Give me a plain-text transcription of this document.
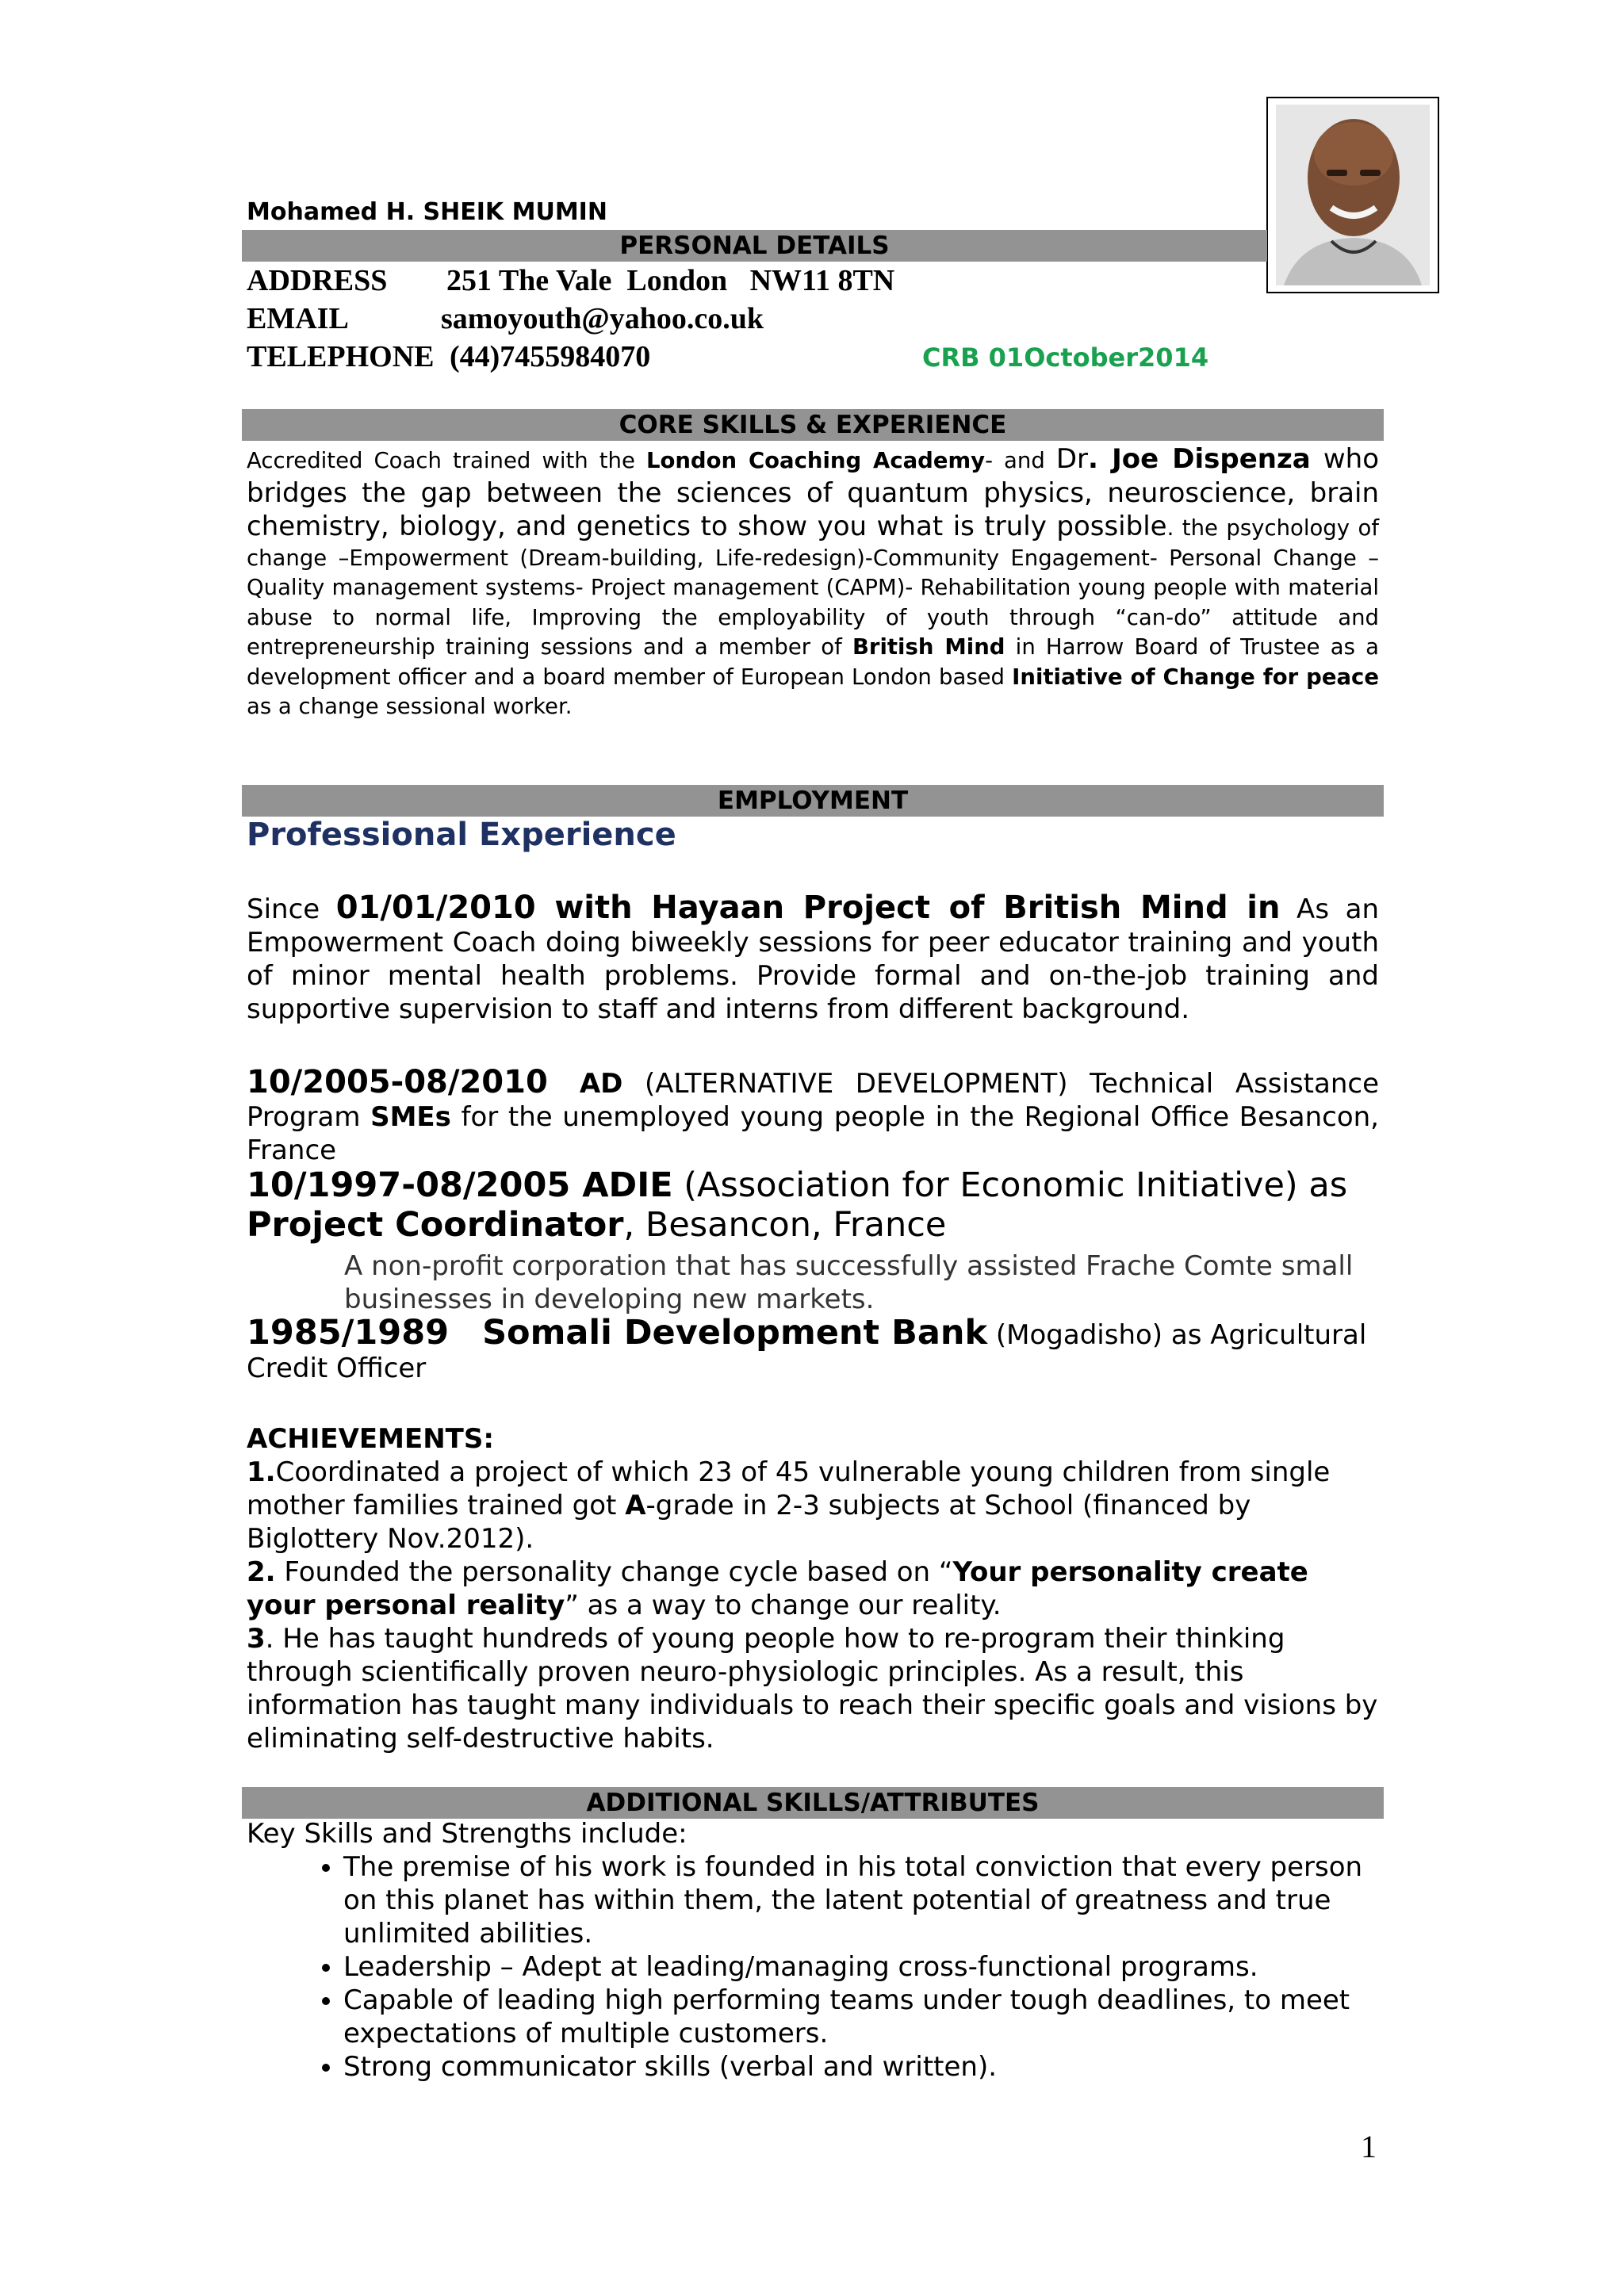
Mohamed H. SHEIK MUMIN
PERSONAL DETAILS
ADDRESS 251 The Vale  London   NW11 8TN
EMAIL	samoyouth@yahoo.co.uk
TELEPHONE (44)7455984070	CRB 01October2014
CORE SKILLS & EXPERIENCE
Accredited Coach trained with the London Coaching Academy- and Dr. Joe Dispenza who bridges the gap between the sciences of quantum physics, neuroscience, brain chemistry, biology, and genetics to show you what is truly possible. the psychology of change –Empowerment (Dream-building, Life-redesign)-Community Engagement- Personal Change – Quality management systems- Project management (CAPM)- Rehabilitation young people with material abuse to normal life, Improving the employability of youth through “can-do” attitude and entrepreneurship training sessions and a member of British Mind in Harrow Board of Trustee as a development officer and a board member of European London based Initiative of Change for peace as a change sessional worker.
EMPLOYMENT
Professional Experience
Since 01/01/2010 with Hayaan Project of British Mind in As an Empowerment Coach doing biweekly sessions for peer educator training and youth of minor mental health problems. Provide formal and on-the-job training and supportive supervision to staff and interns from different background.
10/2005-08/2010 AD (ALTERNATIVE DEVELOPMENT) Technical Assistance Program SMEs for the unemployed young people in the Regional Office Besancon, France
10/1997-08/2005 ADIE (Association for Economic Initiative) as
Project Coordinator, Besancon, France
A non-profit corporation that has successfully assisted Frache Comte small businesses in developing new markets.
1985/1989 Somali Development Bank (Mogadisho) as Agricultural Credit Officer
ACHIEVEMENTS:
1.Coordinated a project of which 23 of 45 vulnerable young children from single mother families trained got A-grade in 2-3 subjects at School (financed by Biglottery Nov.2012).
2. Founded the personality change cycle based on “Your personality create your personal reality” as a way to change our reality.
3. He has taught hundreds of young people how to re-program their thinking through scientifically proven neuro-physiologic principles. As a result, this information has taught many individuals to reach their specific goals and visions by eliminating self-destructive habits.
ADDITIONAL SKILLS/ATTRIBUTES
Key Skills and Strengths include:
• The premise of his work is founded in his total conviction that every person on this planet has within them, the latent potential of greatness and true unlimited abilities.
• Leadership – Adept at leading/managing cross-functional programs.
• Capable of leading high performing teams under tough deadlines, to meet expectations of multiple customers.
• Strong communicator skills (verbal and written).
1
